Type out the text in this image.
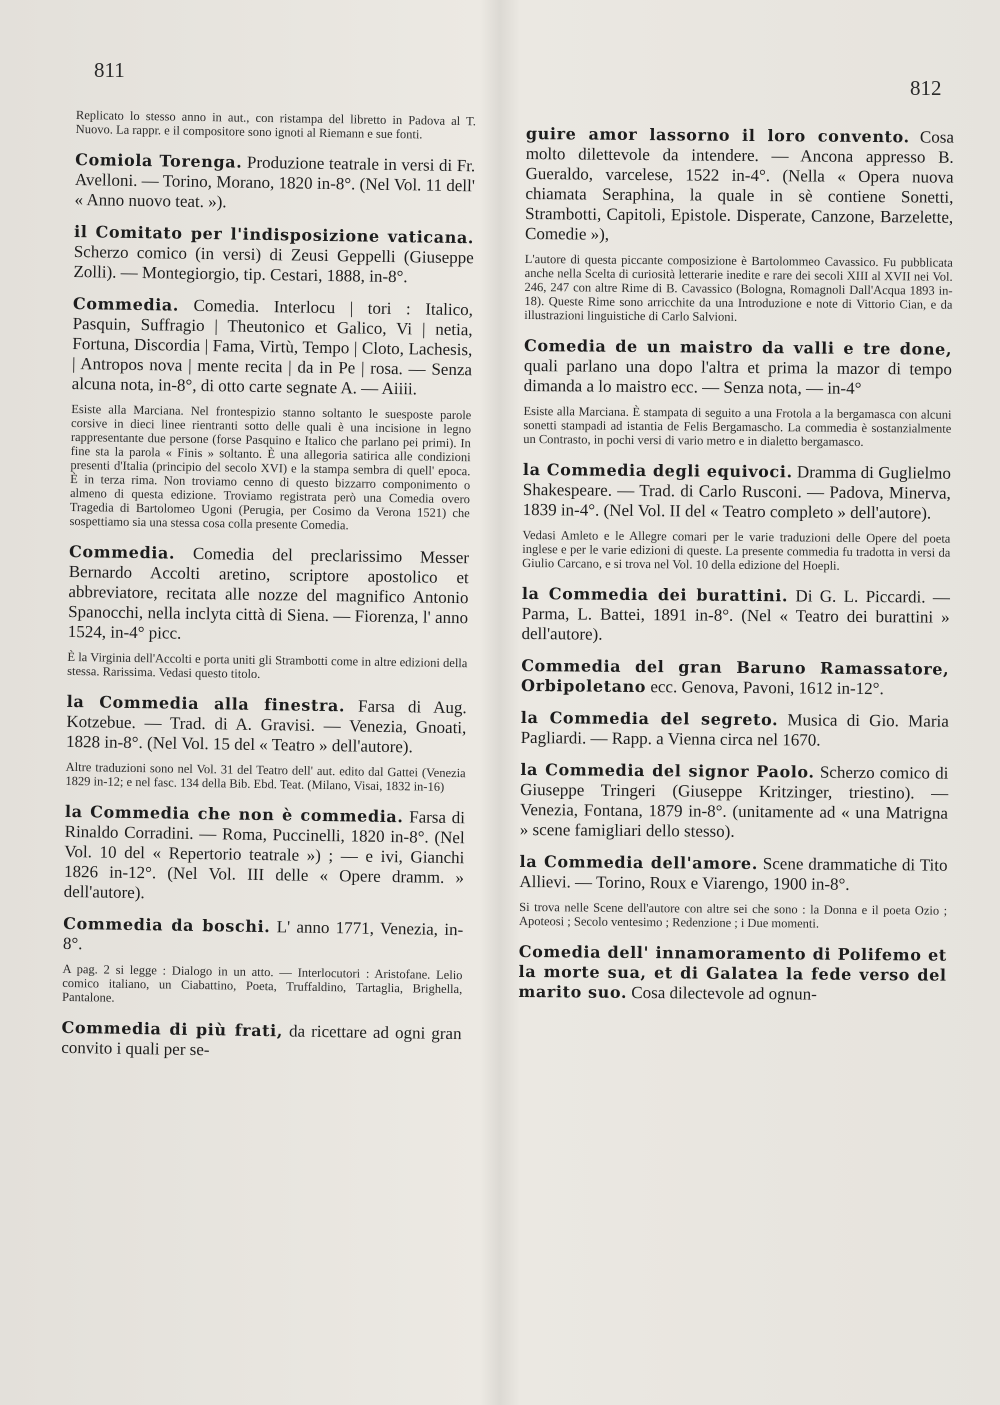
811
812

Replicato lo stesso anno in aut., con ristampa del libretto in Padova al T. Nuovo. La rappr. e il compositore sono ignoti al Riemann e sue fonti.

Comiola Torenga. Produzione teatrale in versi di Fr. Avelloni. — Torino, Morano, 1820 in-8°. (Nel Vol. 11 dell' « Anno nuovo teat. »).

il Comitato per l'indisposizione vaticana. Scherzo comico (in versi) di Zeusi Geppelli (Giuseppe Zolli). — Montegiorgio, tip. Cestari, 1888, in-8°.

Commedia. Comedia. Interlocu | tori : Italico, Pasquin, Suffragio | Theutonico et Galico, Vi | netia, Fortuna, Discordia | Fama, Virtù, Tempo | Cloto, Lachesis, | Antropos nova | mente recita | da in Pe | rosa. — Senza alcuna nota, in-8°, di otto carte segnate A. — Aiiii.

Esiste alla Marciana. Nel frontespizio stanno soltanto le suesposte parole corsive in dieci linee rientranti sotto delle quali è una incisione in legno rappresentante due persone (forse Pasquino e Italico che parlano pei primi). In fine sta la parola « Finis » soltanto. È una allegoria satirica alle condizioni presenti d'Italia (principio del secolo XVI) e la stampa sembra di quell' epoca. È in terza rima. Non troviamo cenno di questo bizzarro componimento o almeno di questa edizione. Troviamo registrata però una Comedia overo Tragedia di Bartolomeo Ugoni (Perugia, per Cosimo da Verona 1521) che sospettiamo sia una stessa cosa colla presente Comedia.

Commedia. Comedia del preclarissimo Messer Bernardo Accolti aretino, scriptore apostolico et abbreviatore, recitata alle nozze del magnifico Antonio Spanocchi, nella inclyta città di Siena. — Fiorenza, l' anno 1524, in-4° picc.

È la Virginia dell'Accolti e porta uniti gli Strambotti come in altre edizioni della stessa. Rarissima. Vedasi questo titolo.

la Commedia alla finestra. Farsa di Aug. Kotzebue. — Trad. di A. Gravisi. — Venezia, Gnoati, 1828 in-8°. (Nel Vol. 15 del « Teatro » dell'autore).

Altre traduzioni sono nel Vol. 31 del Teatro dell' aut. edito dal Gattei (Venezia 1829 in-12; e nel fasc. 134 della Bib. Ebd. Teat. (Milano, Visai, 1832 in-16)

la Commedia che non è commedia. Farsa di Rinaldo Corradini. — Roma, Puccinelli, 1820 in-8°. (Nel Vol. 10 del « Repertorio teatrale ») ; — e ivi, Gianchi 1826 in-12°. (Nel Vol. III delle « Opere dramm. » dell'autore).

Commedia da boschi. L' anno 1771, Venezia, in-8°.

A pag. 2 si legge : Dialogo in un atto. — Interlocutori : Aristofane. Lelio comico italiano, un Ciabattino, Poeta, Truffaldino, Tartaglia, Brighella, Pantalone.

Commedia di più frati, da ricettare ad ogni gran convito i quali per se-

guire amor lassorno il loro convento. Cosa molto dilettevole da intendere. — Ancona appresso B. Gueraldo, varcelese, 1522 in-4°. (Nella « Opera nuova chiamata Seraphina, la quale in sè contiene Sonetti, Strambotti, Capitoli, Epistole. Disperate, Canzone, Barzelette, Comedie »),

L'autore di questa piccante composizione è Bartolommeo Cavassico. Fu pubblicata anche nella Scelta di curiosità letterarie inedite e rare dei secoli XIII al XVII nei Vol. 246, 247 con altre Rime di B. Cavassico (Bologna, Romagnoli Dall'Acqua 1893 in-18). Queste Rime sono arricchite da una Introduzione e note di Vittorio Cian, e da illustrazioni linguistiche di Carlo Salvioni.

Comedia de un maistro da valli e tre done, quali parlano una dopo l'altra et prima la mazor di tempo dimanda a lo maistro ecc. — Senza nota, — in-4°

Esiste alla Marciana. È stampata di seguito a una Frotola a la bergamasca con alcuni sonetti stampadi ad istantia de Felis Bergamascho. La commedia è sostanzialmente un Contrasto, in pochi versi di vario metro e in dialetto bergamasco.

la Commedia degli equivoci. Dramma di Guglielmo Shakespeare. — Trad. di Carlo Rusconi. — Padova, Minerva, 1839 in-4°. (Nel Vol. II del « Teatro completo » dell'autore).

Vedasi Amleto e le Allegre comari per le varie traduzioni delle Opere del poeta inglese e per le varie edizioni di queste. La presente commedia fu tradotta in versi da Giulio Carcano, e si trova nel Vol. 10 della edizione del Hoepli.

la Commedia dei burattini. Di G. L. Piccardi. — Parma, L. Battei, 1891 in-8°. (Nel « Teatro dei burattini » dell'autore).

Commedia del gran Baruno Ramassatore, Orbipoletano ecc. Genova, Pavoni, 1612 in-12°.

la Commedia del segreto. Musica di Gio. Maria Pagliardi. — Rapp. a Vienna circa nel 1670.

la Commedia del signor Paolo. Scherzo comico di Giuseppe Tringeri (Giuseppe Kritzinger, triestino). — Venezia, Fontana, 1879 in-8°. (unitamente ad « una Matrigna » scene famigliari dello stesso).

la Commedia dell'amore. Scene drammatiche di Tito Allievi. — Torino, Roux e Viarengo, 1900 in-8°.

Si trova nelle Scene dell'autore con altre sei che sono : la Donna e il poeta Ozio ; Apoteosi ; Secolo ventesimo ; Redenzione ; i Due momenti.

Comedia dell' innamoramento di Polifemo et la morte sua, et di Galatea la fede verso del marito suo. Cosa dilectevole ad ognun-
